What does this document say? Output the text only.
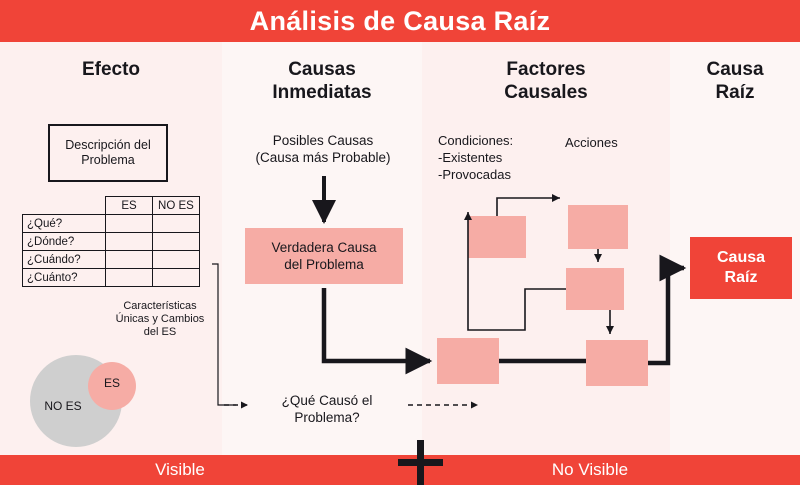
Análisis de Causa Raíz
Efecto	Causas
Inmediatas
Factores
Causales
Causa
Raíz
Descripción del
Problema
	ES	NO ES
¿Qué?		
¿Dónde?		
¿Cuándo?		
¿Cuánto?		
Características
Únicas y Cambios
del ES
ES
NO ES
Posibles Causas
(Causa más Probable)
Verdadera Causa
del Problema
¿Qué Causó el
Problema?
Condiciones:
-Existentes
-Provocadas
Acciones
Causa
Raíz
Visible	No Visible
